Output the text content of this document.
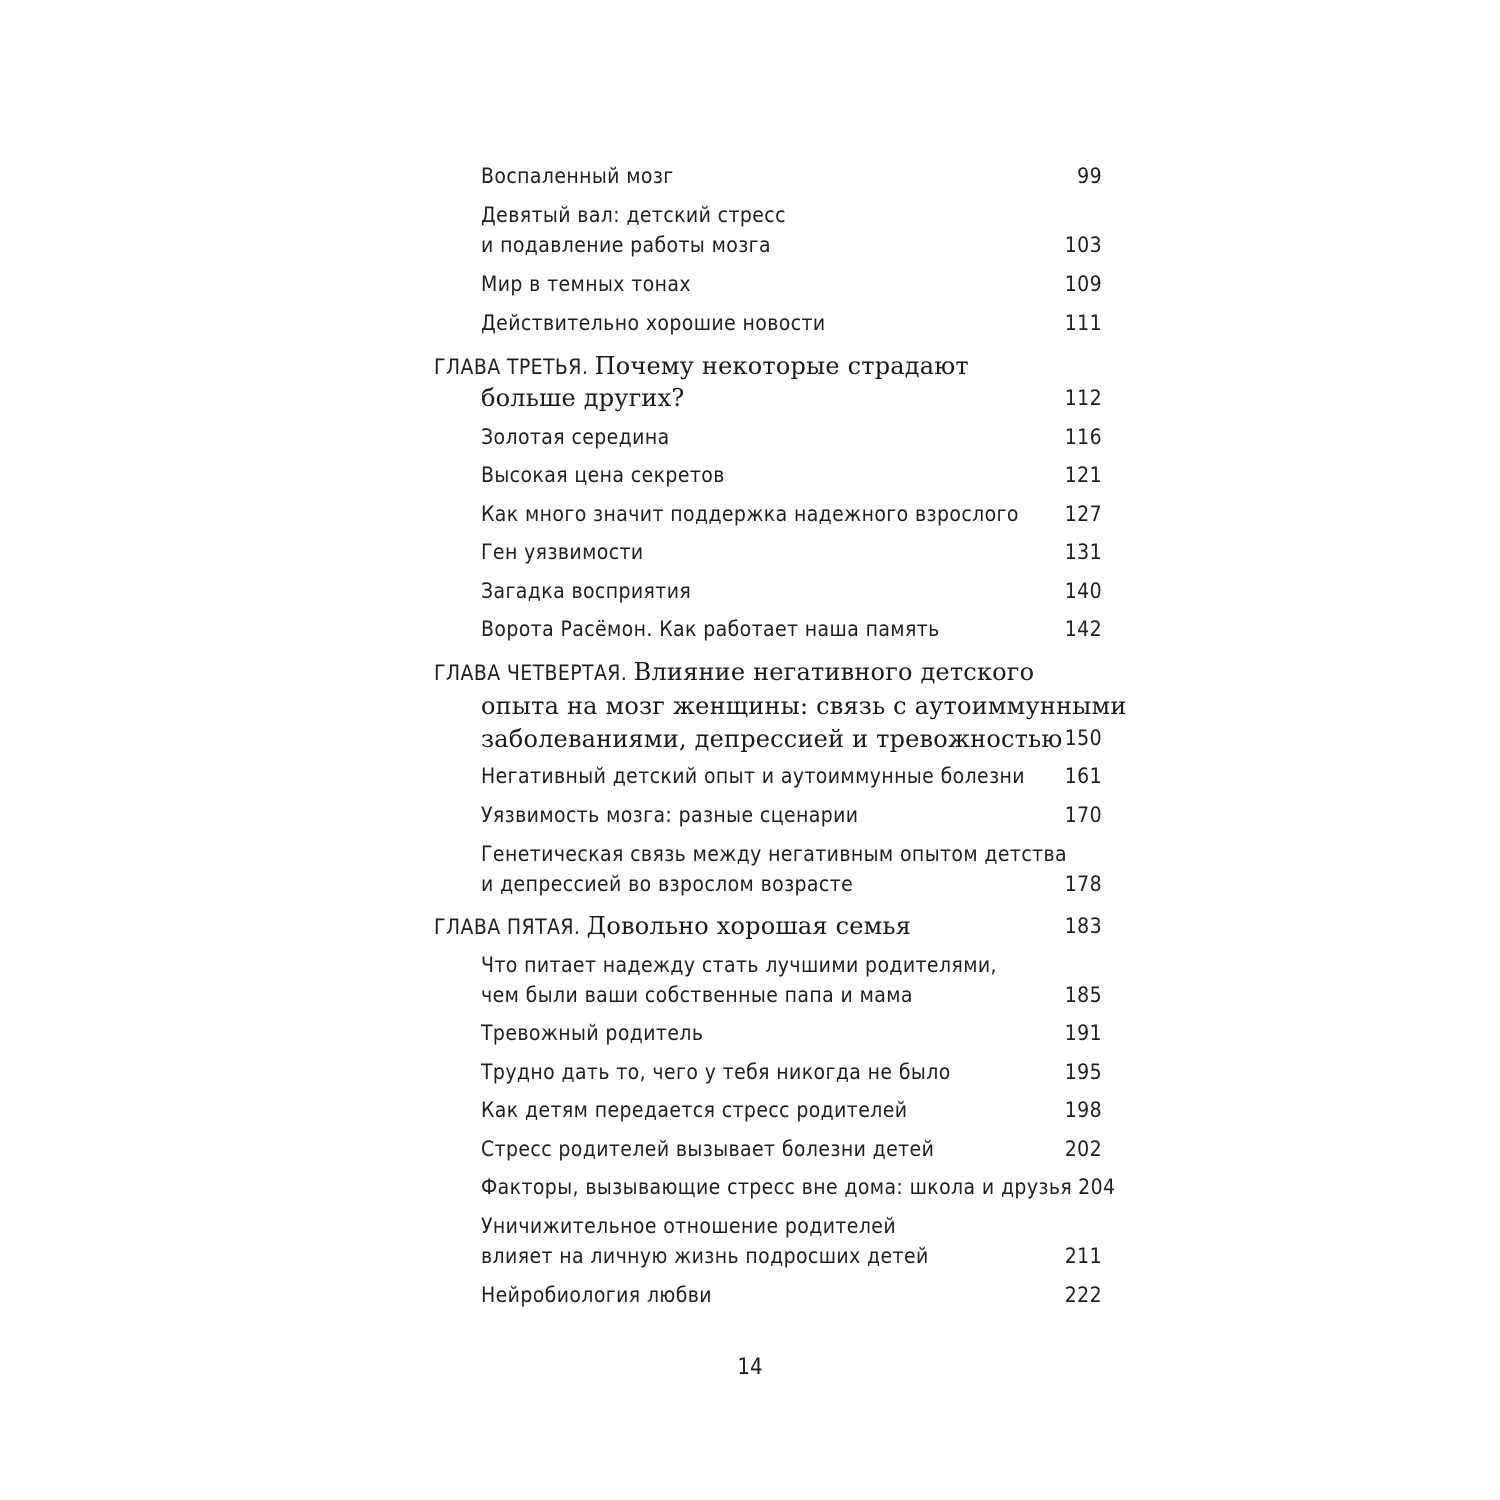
Воспаленный мозг	99
Девятый вал: детский стресс
и подавление работы мозга	103
Мир в темных тонах	109
Действительно хорошие новости	111
ГЛАВА ТРЕТЬЯ. Почему некоторые страдают
больше других?	112
Золотая середина	116
Высокая цена секретов	121
Как много значит поддержка надежного взрослого 127
Ген уязвимости	131
Загадка восприятия	140
Ворота Расёмон. Как работает наша память	142
ГЛАВА ЧЕТВЕРТАЯ. Влияние негативного детского
опыта на мозг женщины: связь с аутоиммунными
заболеваниями, депрессией и тревожностью 150
Негативный детский опыт и аутоиммунные болезни 161
Уязвимость мозга: разные сценарии	170
Генетическая связь между негативным опытом детства
и депрессией во взрослом возрасте	178
ГЛАВА ПЯТАЯ. Довольно хорошая семья	183
Что питает надежду стать лучшими родителями,
чем были ваши собственные папа и мама	185
Тревожный родитель	191
Трудно дать то, чего у тебя никогда не было	195
Как детям передается стресс родителей	198
Стресс родителей вызывает болезни детей	202
Факторы, вызывающие стресс вне дома: школа и друзья 204
Уничижительное отношение родителей
влияет на личную жизнь подросших детей	211
Нейробиология любви	222
14
